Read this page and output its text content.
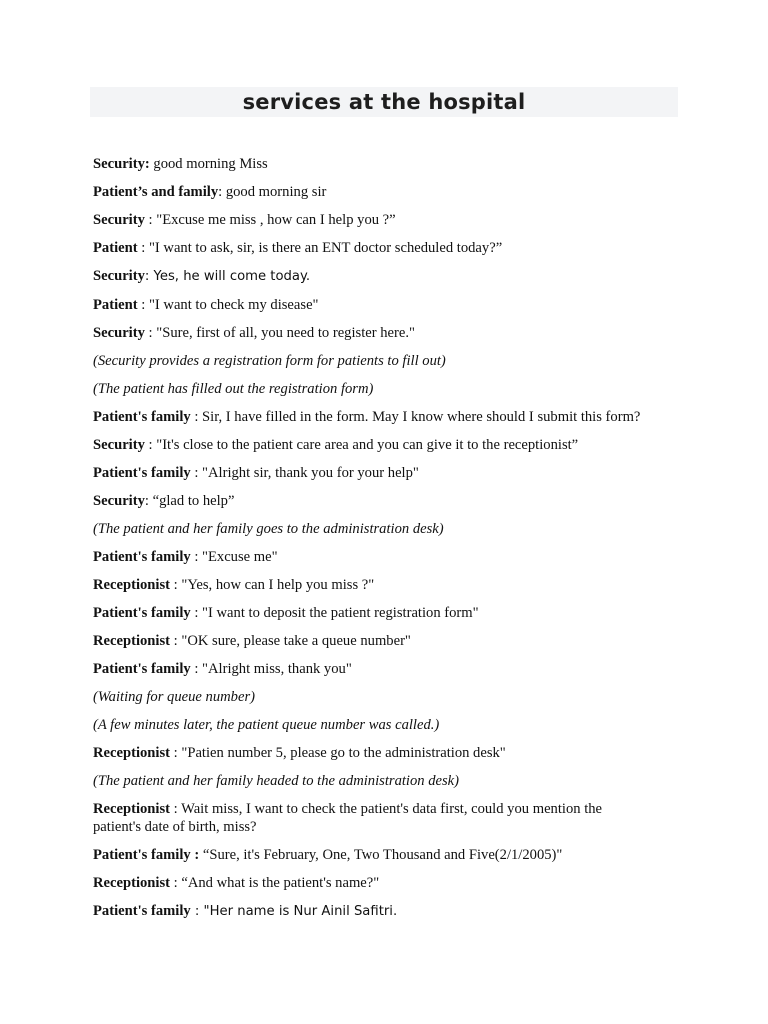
services at the hospital

Security: good morning Miss

Patient’s and family: good morning sir

Security : "Excuse me miss , how can I help you ?”

Patient : "I want to ask, sir, is there an ENT doctor scheduled today?”

Security: Yes, he will come today.

Patient : "I want to check my disease"

Security : "Sure, first of all, you need to register here."

(Security provides a registration form for patients to fill out)

(The patient has filled out the registration form)

Patient's family : Sir, I have filled in the form. May I know where should I submit this form?

Security : "It's close to the patient care area and you can give it to the receptionist”

Patient's family : "Alright sir, thank you for your help"

Security: “glad to help”

(The patient and her family goes to the administration desk)

Patient's family : "Excuse me"

Receptionist : "Yes, how can I help you miss ?"

Patient's family : "I want to deposit the patient registration form"

Receptionist : "OK sure, please take a queue number"

Patient's family : "Alright miss, thank you"

(Waiting for queue number)

(A few minutes later, the patient queue number was called.)

Receptionist : "Patien number 5, please go to the administration desk"

(The patient and her family headed to the administration desk)

Receptionist : Wait miss, I want to check the patient's data first, could you mention the patient's date of birth, miss?

Patient's family : “Sure, it's February, One, Two Thousand and Five(2/1/2005)"

Receptionist : “And what is the patient's name?"

Patient's family : "Her name is Nur Ainil Safitri.
